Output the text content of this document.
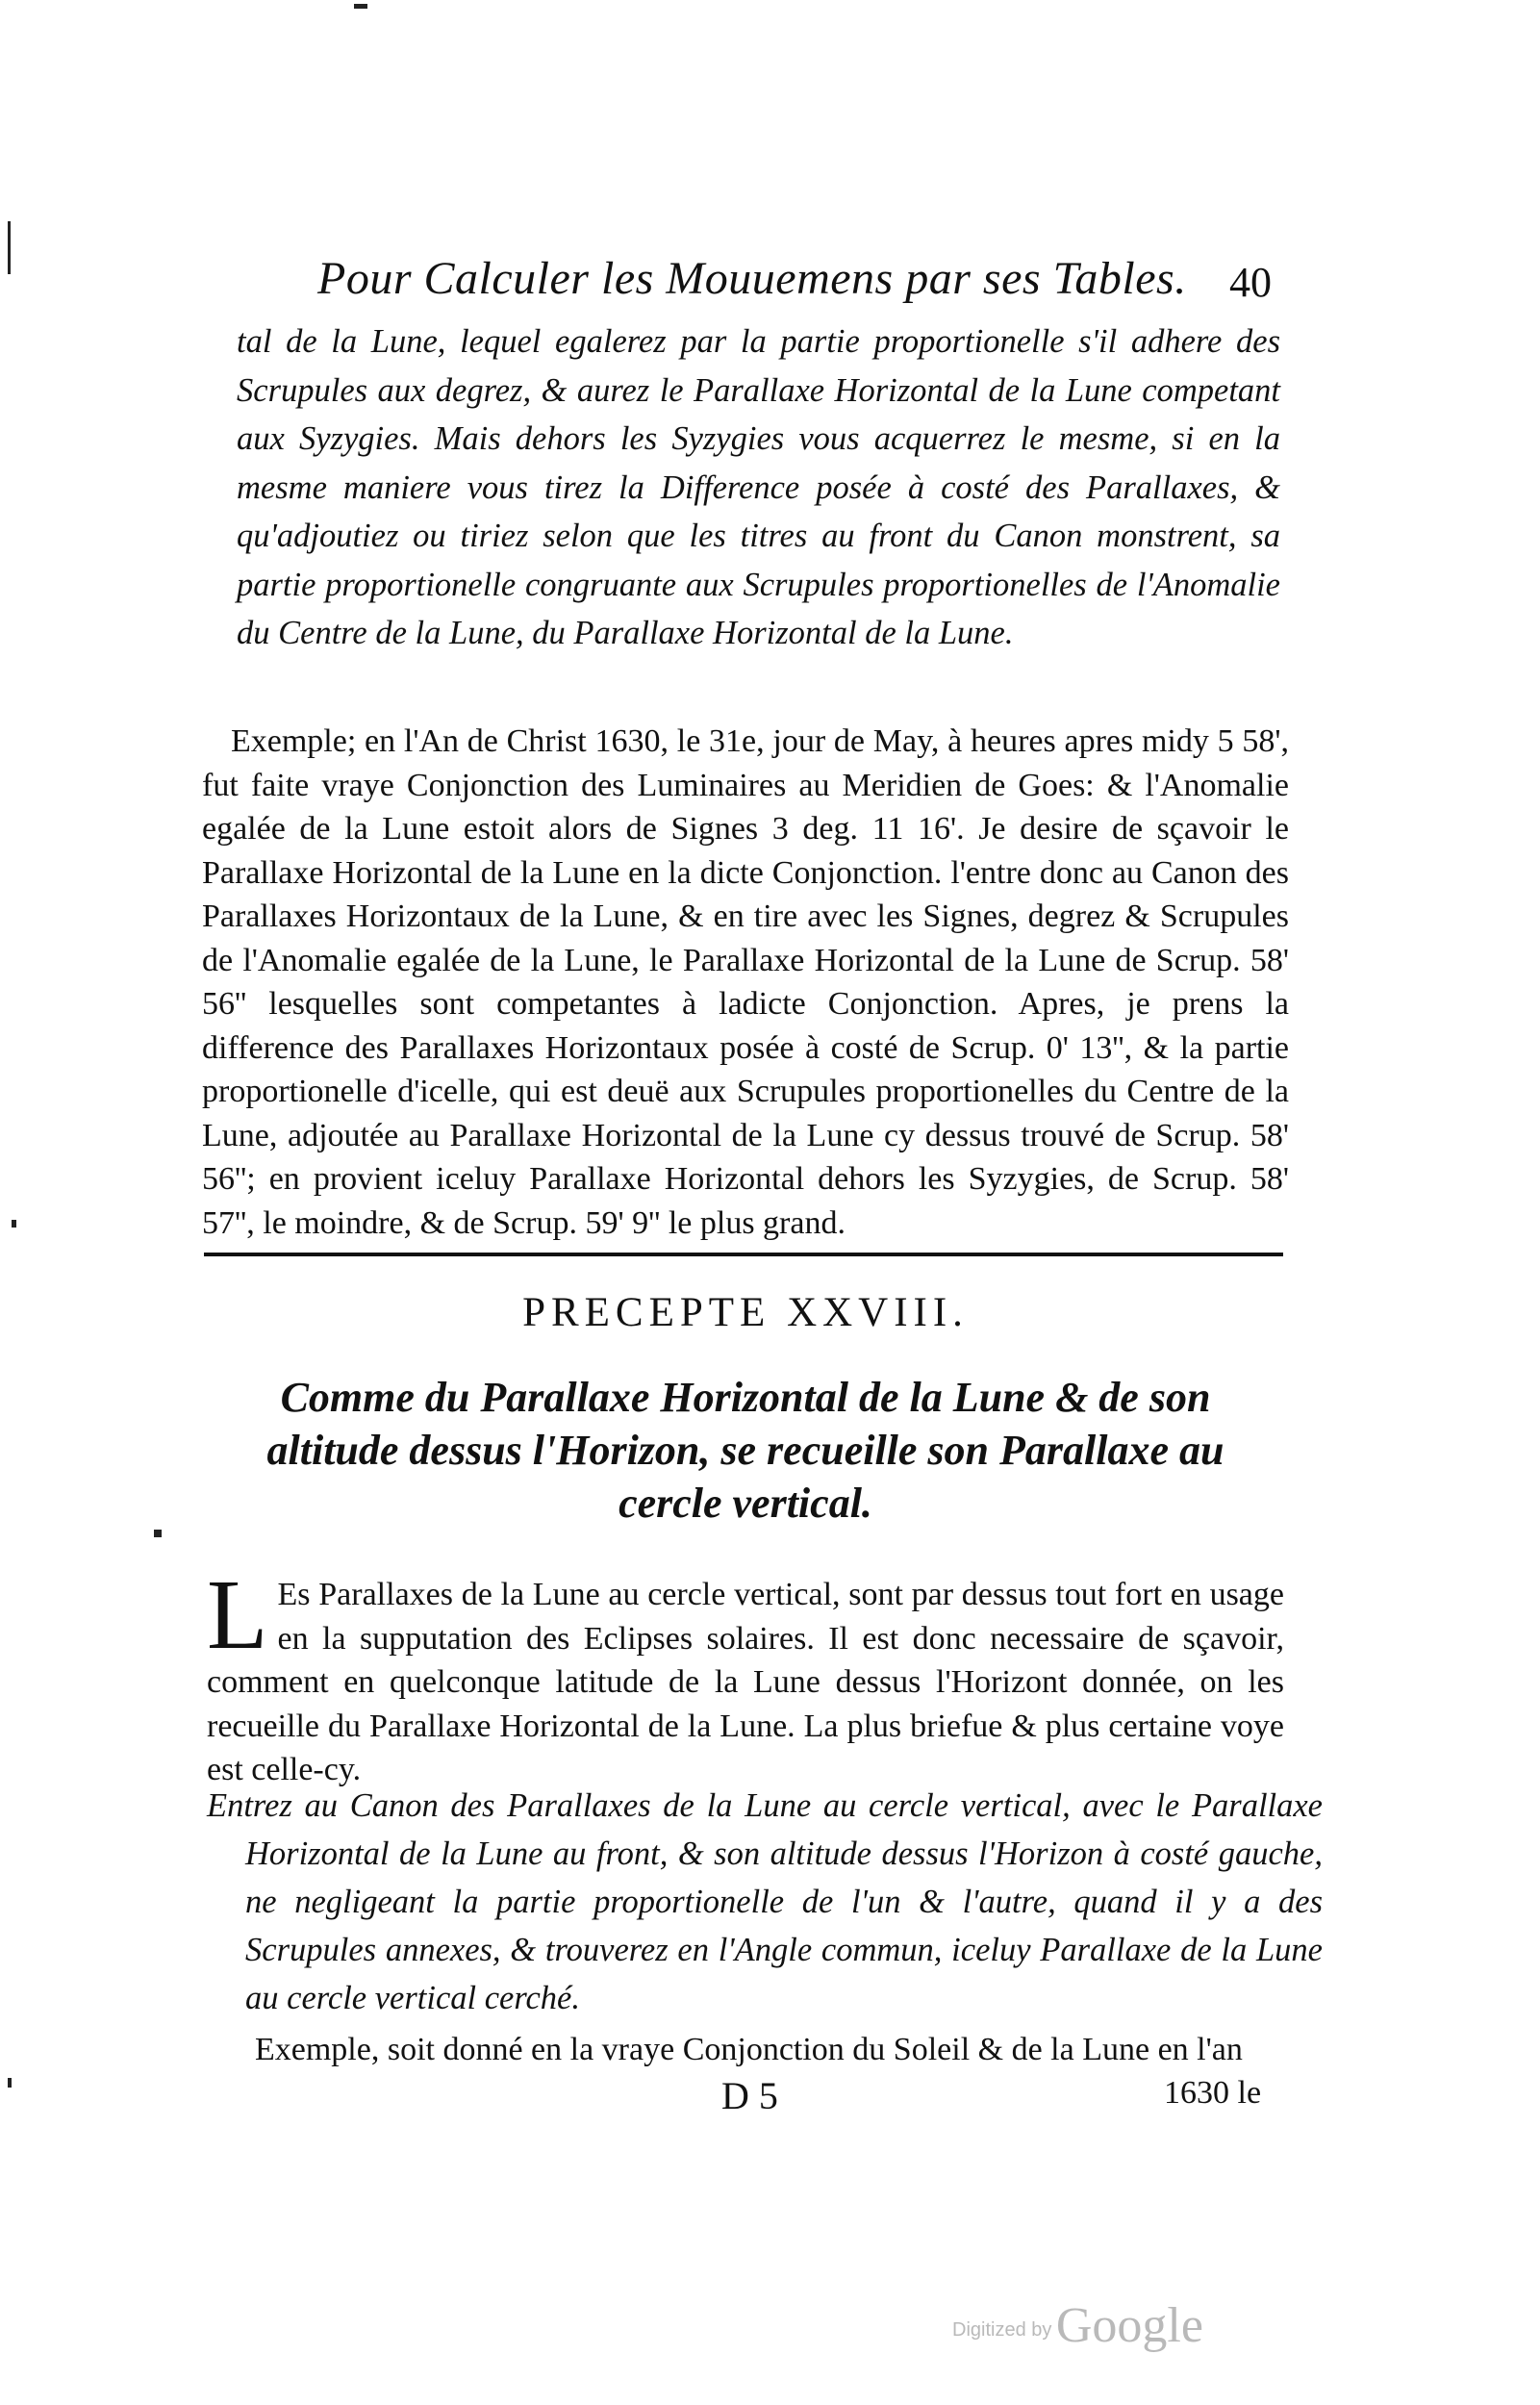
Pour Calculer les Mouuemens par ses Tables.	40
tal de la Lune, lequel egalerez par la partie proportionelle s'il adhere des Scrupules aux degrez, & aurez le Parallaxe Horizontal de la Lune competant aux Syzygies. Mais dehors les Syzygies vous acquerrez le mesme, si en la mesme maniere vous tirez la Difference posée à costé des Parallaxes, & qu'adjoutiez ou tiriez selon que les titres au front du Canon monstrent, sa partie proportionelle congruante aux Scrupules proportionelles de l'Anomalie du Centre de la Lune, du Parallaxe Horizontal de la Lune.
Exemple; en l'An de Christ 1630, le 31e, jour de May, à heures apres midy 5 58', fut faite vraye Conjonction des Luminaires au Meridien de Goes: & l'Anomalie egalée de la Lune estoit alors de Signes 3 deg. 11 16'. Je desire de sçavoir le Parallaxe Horizontal de la Lune en la dicte Conjonction. l'entre donc au Canon des Parallaxes Horizontaux de la Lune, & en tire avec les Signes, degrez & Scrupules de l'Anomalie egalée de la Lune, le Parallaxe Horizontal de la Lune de Scrup. 58' 56'' lesquelles sont competantes à ladicte Conjonction. Apres, je prens la difference des Parallaxes Horizontaux posée à costé de Scrup. 0' 13'', & la partie proportionelle d'icelle, qui est deuë aux Scrupules proportionelles du Centre de la Lune, adjoutée au Parallaxe Horizontal de la Lune cy dessus trouvé de Scrup. 58' 56''; en provient iceluy Parallaxe Horizontal dehors les Syzygies, de Scrup. 58' 57'', le moindre, & de Scrup. 59' 9'' le plus grand.
PRECEPTE XXVIII.
Comme du Parallaxe Horizontal de la Lune & de son altitude dessus l'Horizon, se recueille son Parallaxe au cercle vertical.
L Es Parallaxes de la Lune au cercle vertical, sont par dessus tout fort en usage en la supputation des Eclipses solaires. Il est donc necessaire de sçavoir, comment en quelconque latitude de la Lune dessus l'Horizont donnée, on les recueille du Parallaxe Horizontal de la Lune. La plus briefue & plus certaine voye est celle-cy.
Entrez au Canon des Parallaxes de la Lune au cercle vertical, avec le Parallaxe Horizontal de la Lune au front, & son altitude dessus l'Horizon à costé gauche, ne negligeant la partie proportionelle de l'un & l'autre, quand il y a des Scrupules annexes, & trouverez en l'Angle commun, iceluy Parallaxe de la Lune au cercle vertical cerché.
Exemple, soit donné en la vraye Conjonction du Soleil & de la Lune en l'an
D 5	1630 le
Digitized by Google
